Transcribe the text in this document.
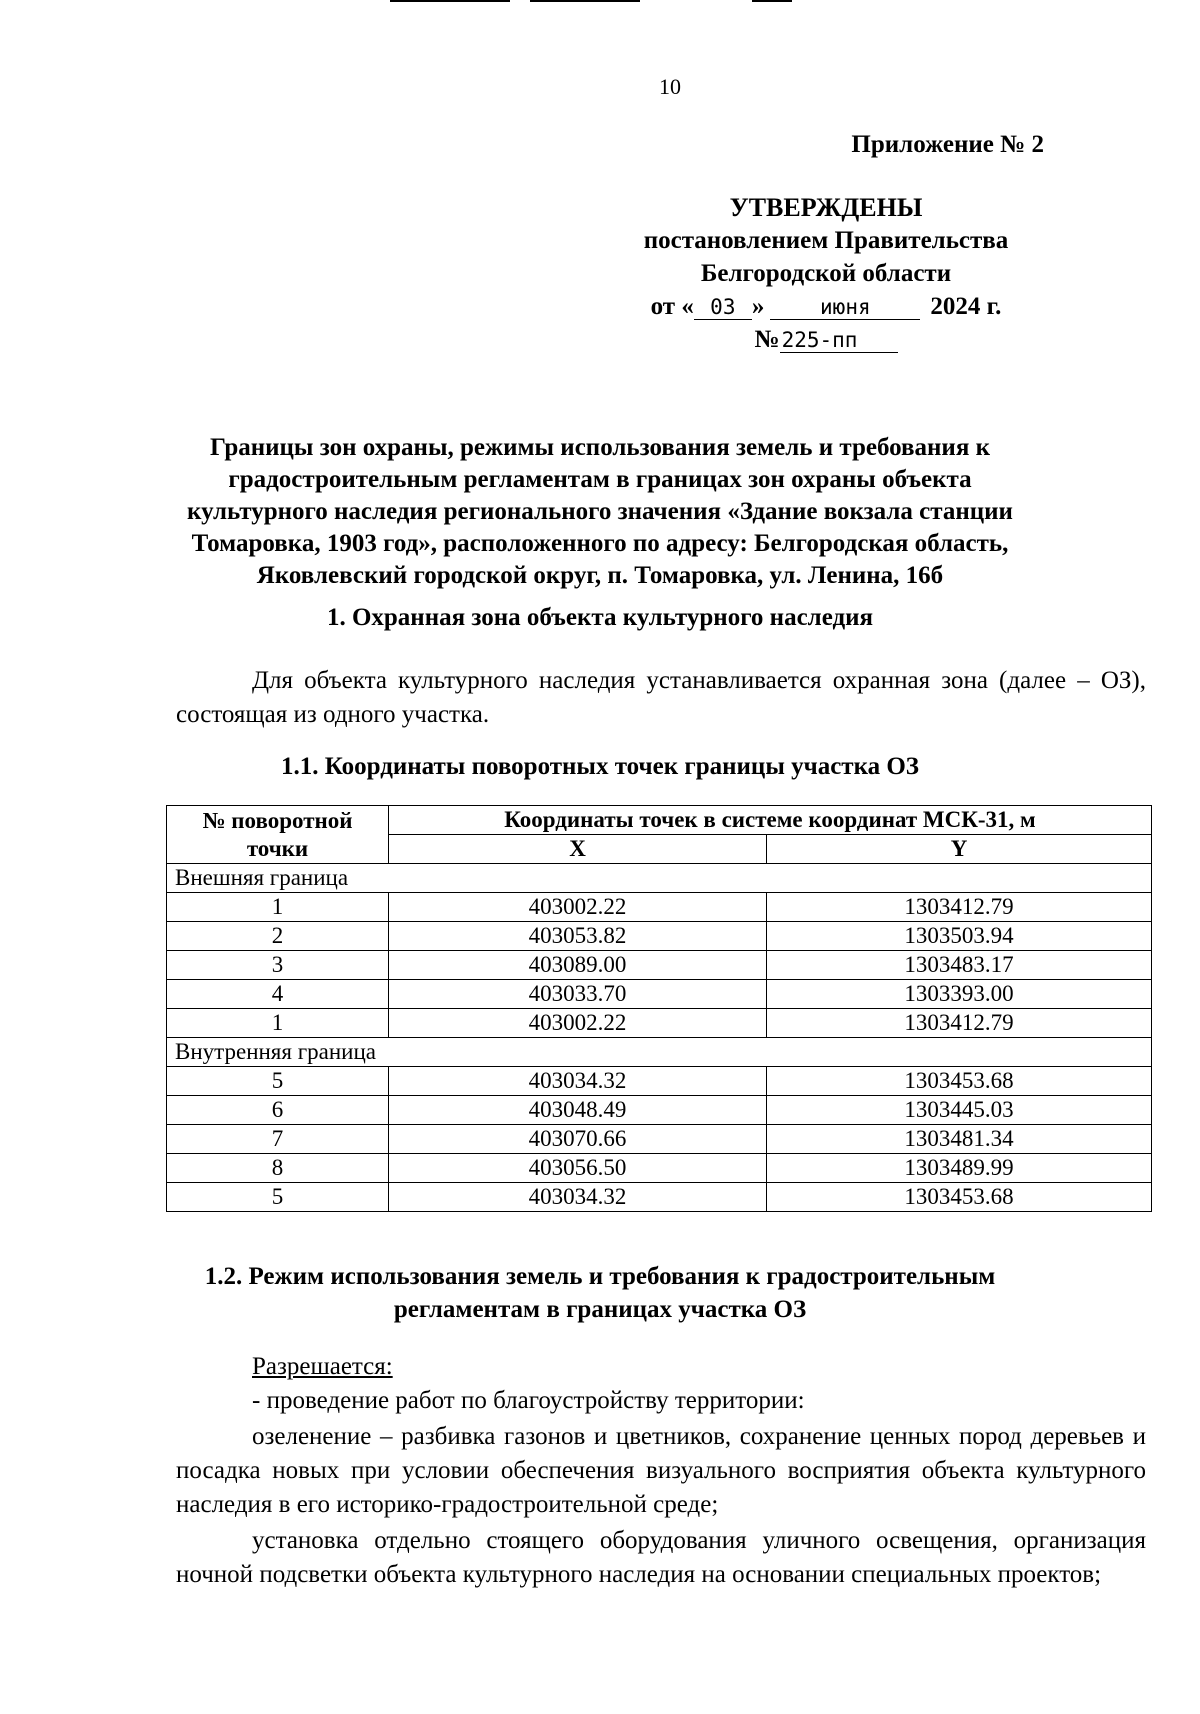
10
Приложение № 2
УТВЕРЖДЕНЫ
постановлением Правительства
Белгородской области
от « 03 »	июня 2024 г.
№225-пп
Границы зон охраны, режимы использования земель и требования к градостроительным регламентам в границах зон охраны объекта культурного наследия регионального значения «Здание вокзала станции Томаровка, 1903 год», расположенного по адресу: Белгородская область, Яковлевский городской округ, п. Томаровка, ул. Ленина, 16б
1. Охранная зона объекта культурного наследия
Для объекта культурного наследия устанавливается охранная зона (далее – ОЗ), состоящая из одного участка.
1.1. Координаты поворотных точек границы участка ОЗ
№ поворотной точки	Координаты точек в системе координат МСК-31, м	
	X	Y
Внешняя граница		
1	403002.22	1303412.79
2	403053.82	1303503.94
3	403089.00	1303483.17
4	403033.70	1303393.00
1	403002.22	1303412.79
Внутренняя граница		
5	403034.32	1303453.68
6	403048.49	1303445.03
7	403070.66	1303481.34
8	403056.50	1303489.99
5	403034.32	1303453.68
1.2. Режим использования земель и требования к градостроительным
регламентам в границах участка ОЗ
Разрешается:
- проведение работ по благоустройству территории:
озеленение – разбивка газонов и цветников, сохранение ценных пород деревьев и посадка новых при условии обеспечения визуального восприятия объекта культурного наследия в его историко-градостроительной среде;
установка отдельно стоящего оборудования уличного освещения, организация ночной подсветки объекта культурного наследия на основании специальных проектов;
